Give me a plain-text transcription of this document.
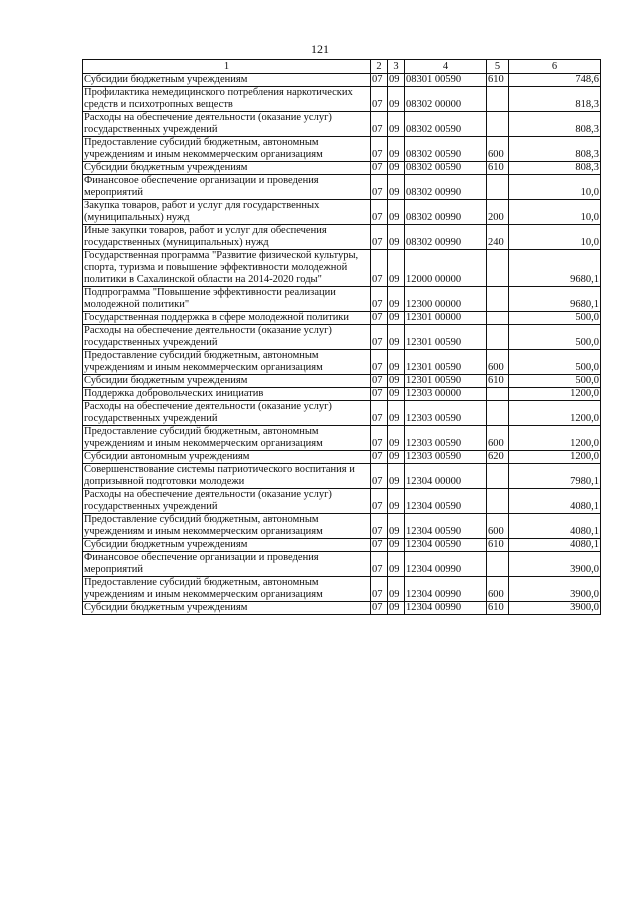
121
1	2	3	4	5	6
Субсидии бюджетным учреждениям	07	09	08301 00590	610	748,6
Профилактика немедицинского потребления наркотических средств и психотропных веществ	07	09	08302 00000		818,3
Расходы на обеспечение деятельности (оказание услуг) государственных учреждений	07	09	08302 00590		808,3
Предоставление субсидий бюджетным, автономным учреждениям и иным некоммерческим организациям	07	09	08302 00590	600	808,3
Субсидии бюджетным учреждениям	07	09	08302 00590	610	808,3
Финансовое обеспечение организации и проведения мероприятий	07	09	08302 00990		10,0
Закупка товаров, работ и услуг для государственных (муниципальных) нужд	07	09	08302 00990	200	10,0
Иные закупки товаров, работ и услуг для обеспечения государственных (муниципальных) нужд	07	09	08302 00990	240	10,0
Государственная программа "Развитие физической культуры, спорта, туризма и повышение эффективности молодежной политики в Сахалинской области на 2014-2020 годы"	07	09	12000 00000		9680,1
Подпрограмма "Повышение эффективности реализации молодежной политики"	07	09	12300 00000		9680,1
Государственная поддержка в сфере молодежной политики	07	09	12301 00000		500,0
Расходы на обеспечение деятельности (оказание услуг) государственных учреждений	07	09	12301 00590		500,0
Предоставление субсидий бюджетным, автономным учреждениям и иным некоммерческим организациям	07	09	12301 00590	600	500,0
Субсидии бюджетным учреждениям	07	09	12301 00590	610	500,0
Поддержка добровольческих инициатив	07	09	12303 00000		1200,0
Расходы на обеспечение деятельности (оказание услуг) государственных учреждений	07	09	12303 00590		1200,0
Предоставление субсидий бюджетным, автономным учреждениям и иным некоммерческим организациям	07	09	12303 00590	600	1200,0
Субсидии автономным учреждениям	07	09	12303 00590	620	1200,0
Совершенствование системы патриотического воспитания и допризывной подготовки молодежи	07	09	12304 00000		7980,1
Расходы на обеспечение деятельности (оказание услуг) государственных учреждений	07	09	12304 00590		4080,1
Предоставление субсидий бюджетным, автономным учреждениям и иным некоммерческим организациям	07	09	12304 00590	600	4080,1
Субсидии бюджетным учреждениям	07	09	12304 00590	610	4080,1
Финансовое обеспечение организации и проведения мероприятий	07	09	12304 00990		3900,0
Предоставление субсидий бюджетным, автономным учреждениям и иным некоммерческим организациям	07	09	12304 00990	600	3900,0
Субсидии бюджетным учреждениям	07	09	12304 00990	610	3900,0
